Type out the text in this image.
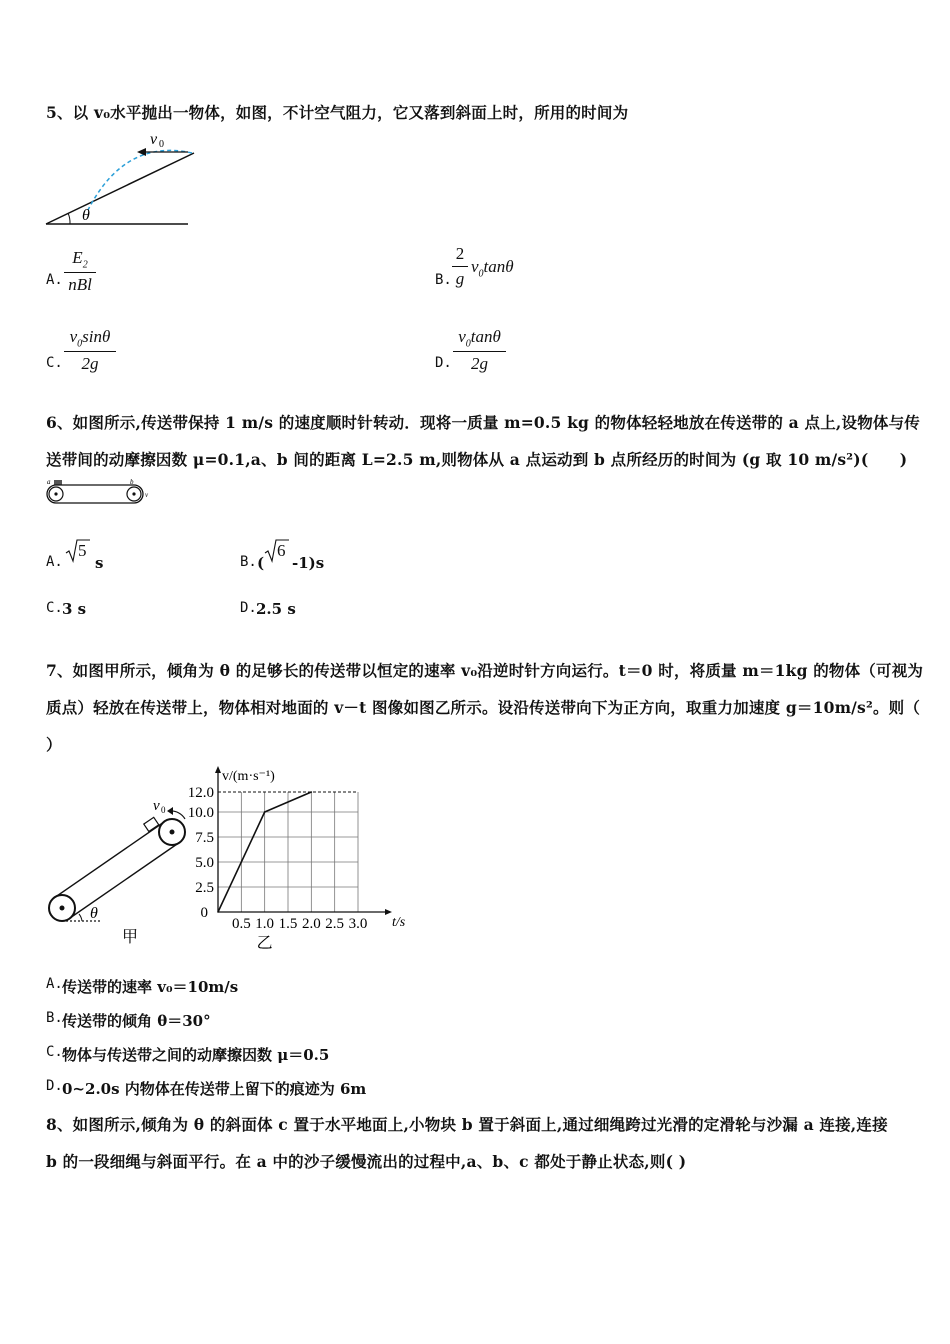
5、以 v₀水平抛出一物体，如图，不计空气阻力，它又落到斜面上时，所用的时间为
v 0
θ
A.
$E_2$
nBl	B.
2
g
$v_0\tan\theta$
C.
$v_0\sin\theta$
2g	D.
$v_0\tan\theta$
2g
6、如图所示,传送带保持 1 m/s 的速度顺时针转动．现将一质量 m=0.5 kg 的物体轻轻地放在传送带的 a 点上,设物体与传
送带间的动摩擦因数 μ=0.1,a、b 间的距离 L=2.5 m,则物体从 a 点运动到 b 点所经历的时间为 (g 取 10 m/s²)(　　)
a	b
v
A.
5
s	B. (
6
-1)s
C. 3 s	D. 2.5 s
7、如图甲所示，倾角为 θ 的足够长的传送带以恒定的速率 v₀沿逆时针方向运行。t＝0 时，将质量 m＝1kg 的物体（可视为
质点）轻放在传送带上，物体相对地面的 v－t 图像如图乙所示。设沿传送带向下为正方向，取重力加速度 g＝10m/s²。则（
）
θ
v 0
甲
0.5 1.0 1.5 2.0 2.5 3.0
2.5
5.0
7.5
10.0
12.0
0
v/(m·s⁻¹)
t/s
乙
A. 传送带的速率 v₀＝10m/s
B. 传送带的倾角 θ＝30°
C. 物体与传送带之间的动摩擦因数 μ＝0.5
D. 0~2.0s 内物体在传送带上留下的痕迹为 6m
8、如图所示,倾角为 θ 的斜面体 c 置于水平地面上,小物块 b 置于斜面上,通过细绳跨过光滑的定滑轮与沙漏 a 连接,连接
b 的一段细绳与斜面平行。在 a 中的沙子缓慢流出的过程中,a、b、c 都处于静止状态,则( )
